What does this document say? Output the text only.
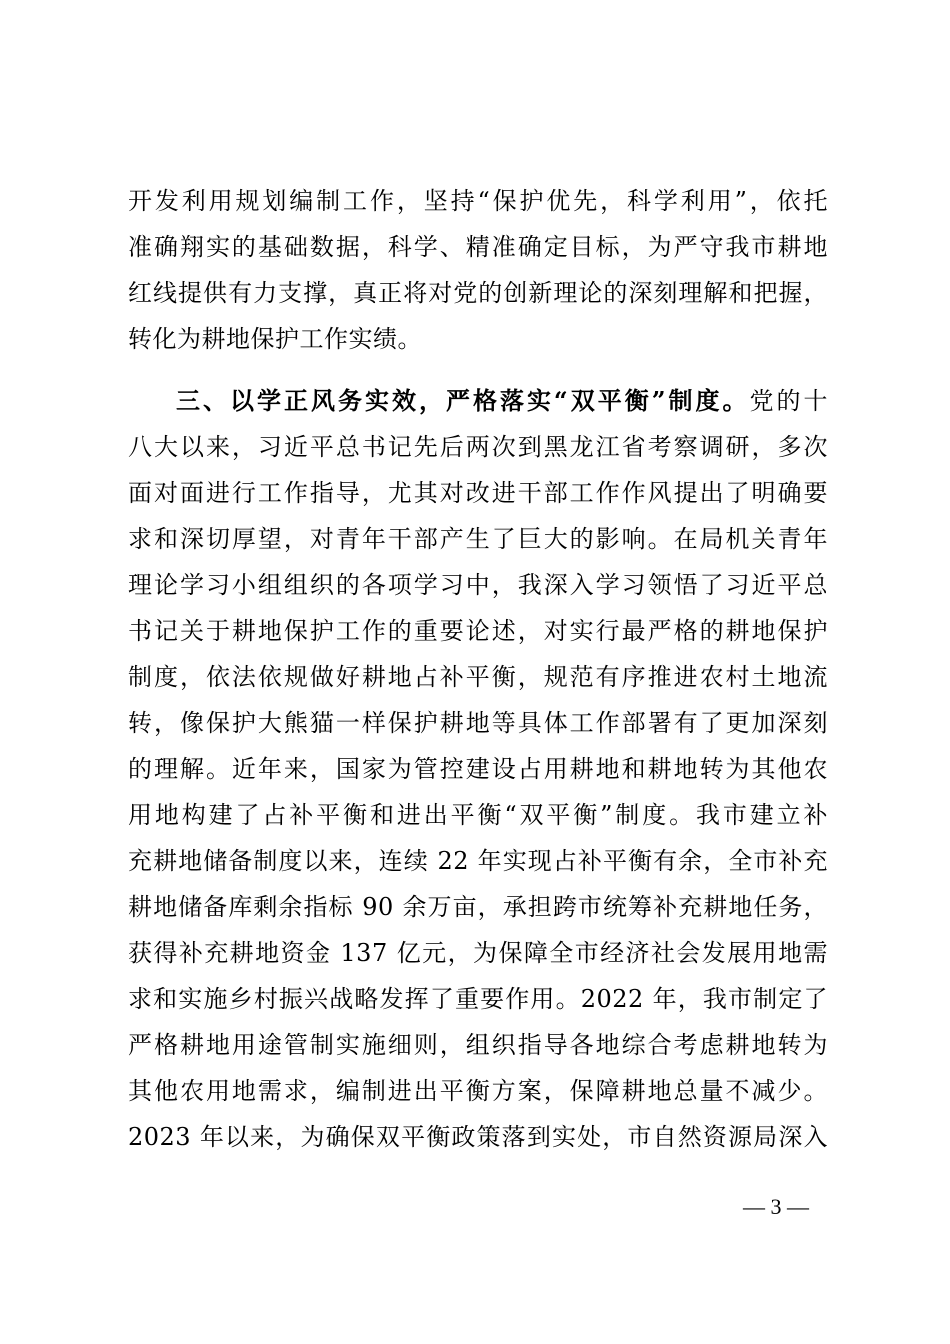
开发利用规划编制工作，坚持“保护优先，科学利用”，依托
准确翔实的基础数据，科学、精准确定目标，为严守我市耕地
红线提供有力支撑，真正将对党的创新理论的深刻理解和把握，
转化为耕地保护工作实绩。
三、以学正风务实效，严格落实“双平衡”制度。党的十
八大以来，习近平总书记先后两次到黑龙江省考察调研，多次
面对面进行工作指导，尤其对改进干部工作作风提出了明确要
求和深切厚望，对青年干部产生了巨大的影响。在局机关青年
理论学习小组组织的各项学习中，我深入学习领悟了习近平总
书记关于耕地保护工作的重要论述，对实行最严格的耕地保护
制度，依法依规做好耕地占补平衡，规范有序推进农村土地流
转，像保护大熊猫一样保护耕地等具体工作部署有了更加深刻
的理解。近年来，国家为管控建设占用耕地和耕地转为其他农
用地构建了占补平衡和进出平衡“双平衡”制度。我市建立补
充耕地储备制度以来，连续 22 年实现占补平衡有余，全市补充
耕地储备库剩余指标 90 余万亩，承担跨市统筹补充耕地任务，
获得补充耕地资金 137 亿元，为保障全市经济社会发展用地需
求和实施乡村振兴战略发挥了重要作用。2022 年，我市制定了
严格耕地用途管制实施细则，组织指导各地综合考虑耕地转为
其他农用地需求，编制进出平衡方案，保障耕地总量不减少。
2023 年以来，为确保双平衡政策落到实处，市自然资源局深入
— 3 —
